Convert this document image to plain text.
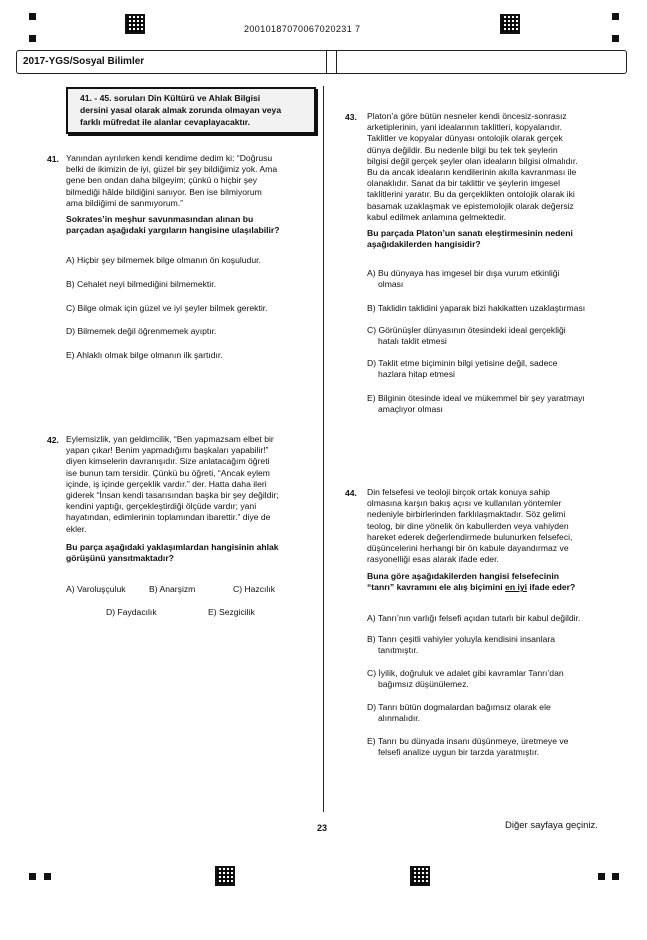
20010187070067020231 7
2017-YGS/Sosyal Bilimler
41. - 45. soruları Din Kültürü ve Ahlak Bilgisi
dersini yasal olarak almak zorunda olmayan veya
farklı müfredat ile alanlar cevaplayacaktır.
41. Yanından ayrılırken kendi kendime dedim ki: “Doğrusu
belki de ikimizin de iyi, güzel bir şey bildiğimiz yok. Ama
gene ben ondan daha bilgeyim; çünkü o hiçbir şey
bilmediği hâlde bildiğini sanıyor. Ben ise bilmiyorum
ama bildiğimi de sanmıyorum.”
Sokrates’in meşhur savunmasından alınan bu
parçadan aşağıdaki yargıların hangisine ulaşılabilir?
A) Hiçbir şey bilmemek bilge olmanın ön koşuludur.
B) Cehalet neyi bilmediğini bilmemektir.
C) Bilge olmak için güzel ve iyi şeyler bilmek gerektir.
D) Bilmemek değil öğrenmemek ayıptır.
E) Ahlaklı olmak bilge olmanın ilk şartıdır.
42. Eylemsizlik, yan geldimcilik, “Ben yapmazsam elbet bir
yapan çıkar! Benim yapmadığımı başkaları yapabilir!”
diyen kimselerin davranışıdır. Size anlatacağım öğreti
ise bunun tam tersidir. Çünkü bu öğreti, “Ancak eylem
içinde, iş içinde gerçeklik vardır.” der. Hatta daha ileri
giderek “İnsan kendi tasarısından başka bir şey değildir;
kendini yaptığı, gerçekleştirdiği ölçüde vardır; yani
hayatından, edimlerinin toplamından ibarettir.” diye de
ekler.
Bu parça aşağıdaki yaklaşımlardan hangisinin ahlak
görüşünü yansıtmaktadır?
A) Varoluşçuluk	B) Anarşizm	C) Hazcılık
D) Faydacılık	E) Sezgicilik
43. Platon’a göre bütün nesneler kendi öncesiz-sonrasız
arketiplerinin, yani idealarının taklitleri, kopyalarıdır.
Taklitler ve kopyalar dünyası ontolojik olarak gerçek
dünya değildir. Bu nedenle bilgi bu tek tek şeylerin
bilgisi değil gerçek şeyler olan ideaların bilgisi olmalıdır.
Bu da ancak ideaların kendilerinin akılla kavranması ile
olanaklıdır. Sanat da bir taklittir ve şeylerin imgesel
taklitlerini yaratır. Bu da gerçeklikten ontolojik olarak iki
basamak uzaklaşmak ve epistemolojik olarak değersiz
kabul edilmek anlamına gelmektedir.
Bu parçada Platon’un sanatı eleştirmesinin nedeni
aşağıdakilerden hangisidir?
A) Bu dünyaya has imgesel bir dışa vurum etkinliği
olması
B) Taklidin taklidini yaparak bizi hakikatten uzaklaştırması
C) Görünüşler dünyasının ötesindeki ideal gerçekliği
hatalı taklit etmesi
D) Taklit etme biçiminin bilgi yetisine değil, sadece
hazlara hitap etmesi
E) Bilginin ötesinde ideal ve mükemmel bir şey yaratmayı
amaçlıyor olması
44. Din felsefesi ve teoloji birçok ortak konuya sahip
olmasına karşın bakış açısı ve kullanılan yöntemler
nedeniyle birbirlerinden farklılaşmaktadır. Söz gelimi
teolog, bir dine yönelik ön kabullerden veya vahiyden
hareket ederek değerlendirmede bulunurken felsefeci,
düşüncelerini herhangi bir ön kabule dayandırmaz ve
rasyonelliği esas alarak ifade eder.
Buna göre aşağıdakilerden hangisi felsefecinin
“tanrı” kavramını ele alış biçimini en iyi ifade eder?
A) Tanrı’nın varlığı felsefi açıdan tutarlı bir kabul değildir.
B) Tanrı çeşitli vahiyler yoluyla kendisini insanlara
tanıtmıştır.
C) İyilik, doğruluk ve adalet gibi kavramlar Tanrı’dan
bağımsız düşünülemez.
D) Tanrı bütün dogmalardan bağımsız olarak ele
alınmalıdır.
E) Tanrı bu dünyada insanı düşünmeye, üretmeye ve
felsefi analize uygun bir tarzda yaratmıştır.
23	Diğer sayfaya geçiniz.
